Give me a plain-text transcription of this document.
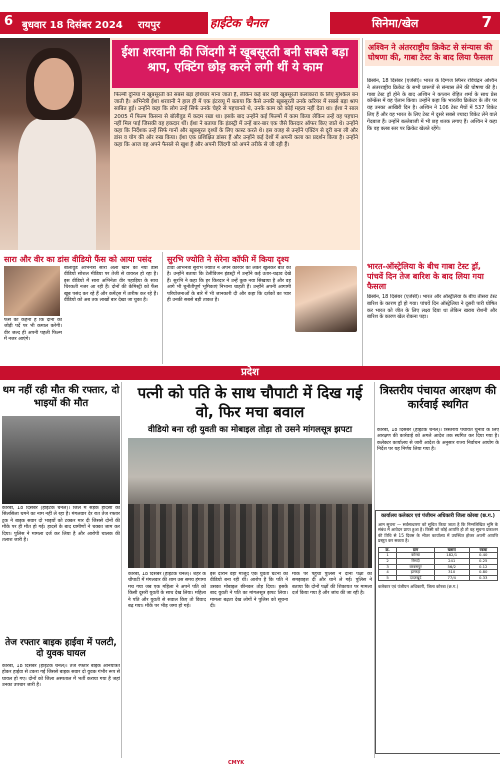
6 बुधवार 18 दिसंबर 2024 रायपुर	हाईटेक चैनल	सिनेमा/खेल	7
ईशा शरवानी की जिंदगी में खूबसूरती बनी सबसे बड़ा श्राप, एक्टिंग छोड़ करने लगी थीं ये काम
फिल्मी दुनिया में खूबसूरती को सबसे बड़ा हथियार माना जाता है, लेकिन कई बार यही खूबसूरती कलाकारों के लिए मुश्किल बन जाती है। अभिनेत्री ईशा शरवानी ने हाल ही में एक इंटरव्यू में बताया कि कैसे उनकी खूबसूरती उनके करियर में सबसे बड़ा श्राप साबित हुई। उन्होंने कहा कि लोग उन्हें सिर्फ उनके चेहरे से पहचानते थे, उनके काम को कोई महत्व नहीं देता था। ईशा ने साल 2005 में फिल्म किसना से बॉलीवुड में कदम रखा था। इसके बाद उन्होंने कई फिल्मों में काम किया लेकिन उन्हें वह पहचान नहीं मिल पाई जिसकी वह हकदार थीं। ईशा ने बताया कि इंडस्ट्री में उन्हें बार-बार एक जैसे किरदार ऑफर किए जाते थे। उन्होंने कहा कि निर्देशक उन्हें सिर्फ गानों और खूबसूरत दृश्यों के लिए कास्ट करते थे। इस वजह से उन्होंने एक्टिंग से दूरी बना ली और डांस व योग की ओर रुख किया। ईशा एक प्रशिक्षित डांसर हैं और उन्होंने कई देशों में अपनी कला का प्रदर्शन किया है। उन्होंने कहा कि आज वह अपने फैसले से खुश हैं और अपनी जिंदगी को अपने तरीके से जी रही हैं।
अश्विन ने अंतरराष्ट्रीय क्रिकेट से संन्यास की घोषणा की, गाबा टेस्ट के बाद लिया फैसला
ब्रिस्बेन, 18 दिसंबर (एजेंसी)। भारत के दिग्गज स्पिनर रविचंद्रन अश्विन ने अंतरराष्ट्रीय क्रिकेट के सभी प्रारूपों से संन्यास लेने की घोषणा की है। गाबा टेस्ट ड्रॉ होने के बाद अश्विन ने कप्तान रोहित शर्मा के साथ प्रेस कॉन्फ्रेंस में यह ऐलान किया। उन्होंने कहा कि भारतीय क्रिकेटर के तौर पर यह उनका आखिरी दिन है। अश्विन ने 106 टेस्ट मैचों में 537 विकेट लिए हैं और वह भारत के लिए टेस्ट में दूसरे सबसे ज्यादा विकेट लेने वाले गेंदबाज हैं। उन्होंने बल्लेबाजी में भी छह शतक लगाए हैं। अश्विन ने कहा कि वह क्लब स्तर पर क्रिकेट खेलते रहेंगे।
भारत-ऑस्ट्रेलिया के बीच गाबा टेस्ट ड्रॉ, पांचवें दिन तेज बारिश के बाद लिया गया फैसला
ब्रिस्बेन, 18 दिसंबर (एजेंसी)। भारत और ऑस्ट्रेलिया के बीच तीसरा टेस्ट बारिश के कारण ड्रॉ हो गया। पांचवें दिन ऑस्ट्रेलिया ने दूसरी पारी घोषित कर भारत को जीत के लिए लक्ष्य दिया था लेकिन खराब रोशनी और बारिश के कारण खेल रोकना पड़ा।
सारा और वीर का डांस वीडियो फैंस को आया पसंद
बॉलीवुड अभिनेत्री सारा अली खान का नया डांस वीडियो सोशल मीडिया पर तेजी से वायरल हो रहा है। इस वीडियो में सारा अभिनेता वीर पहाड़िया के साथ थिरकती नजर आ रही हैं। दोनों की केमिस्ट्री को फैंस खूब पसंद कर रहे हैं और कमेंट्स में तारीफ कर रहे हैं। वीडियो को अब तक लाखों बार देखा जा चुका है।
फैंस का कहना है कि दोनों की जोड़ी पर्दे पर भी कमाल करेगी। वीर जल्द ही अपनी पहली फिल्म में नजर आएंगे।
सुरभि ज्योति ने सेरेना कॉफी में किया दृश्य
टीवी अभिनेत्री सुरभि ज्योति ने अपने करियर को लेकर खुलकर बात की है। उन्होंने बताया कि टेलीविजन इंडस्ट्री में उन्होंने कई उतार-चढ़ाव देखे हैं। सुरभि ने कहा कि हर किरदार ने उन्हें कुछ नया सिखाया है और वह आगे भी चुनौतीपूर्ण भूमिकाएं निभाना चाहती हैं। उन्होंने अपनी आगामी परियोजनाओं के बारे में भी जानकारी दी और कहा कि दर्शकों का प्यार ही उनकी सबसे बड़ी ताकत है।
प्रदेश
थम नहीं रही मौत की रफ्तार, दो भाइयों की मौत
कोरबा, 18 दिसंबर (हाईटेक चैनल)। जिले में सड़क हादसों का सिलसिला थमने का नाम नहीं ले रहा है। मंगलवार देर रात तेज रफ्तार ट्रक ने बाइक सवार दो भाइयों को टक्कर मार दी जिससे दोनों की मौके पर ही मौत हो गई। हादसे के बाद ग्रामीणों ने चक्का जाम कर दिया। पुलिस ने मामला दर्ज कर लिया है और आरोपी चालक की तलाश जारी है।
तेज रफ्तार बाइक हाईवा में पलटी, दो युवक घायल
कोरबा, 18 दिसंबर (हाईटेक चैनल)। तेज रफ्तार बाइक अनियंत्रित होकर हाईवा से टकरा गई जिससे बाइक सवार दो युवक गंभीर रूप से घायल हो गए। दोनों को जिला अस्पताल में भर्ती कराया गया है जहां उनका उपचार जारी है।
पत्नी को पति के साथ चौपाटी में दिख गई वो, फिर मचा बवाल
वीडियो बना रही युवती का मोबाइल तोड़ा तो उसने मांगलसूत्र झपटा
कोरबा, 18 दिसंबर (हाईटेक चैनल)। शहर के चौपाटी में मंगलवार की शाम उस समय हंगामा मच गया जब एक महिला ने अपने पति को किसी दूसरी युवती के साथ देख लिया। महिला ने पति और युवती से सवाल किए तो विवाद बढ़ गया। मौके पर भीड़ जमा हो गई।
इस दौरान वहां मौजूद एक युवती घटना का वीडियो बना रही थी। आरोप है कि पति ने उसका मोबाइल छीनकर तोड़ दिया। इसके बाद युवती ने पति का मांगलसूत्र झपट लिया। मामला बढ़ता देख लोगों ने पुलिस को सूचना दी।
मौके पर पहुंची पुलिस ने दोनों पक्षों को समझाइश दी और थाने ले गई। पुलिस ने बताया कि दोनों पक्षों की शिकायत पर मामला दर्ज किया गया है और जांच की जा रही है।
त्रिस्तरीय पंचायत आरक्षण की कार्रवाई स्थगित
कोरबा, 18 दिसंबर (हाईटेक चैनल)। त्रिस्तरीय पंचायत चुनाव के लिए आरक्षण की कार्रवाई को अगले आदेश तक स्थगित कर दिया गया है। कलेक्टर कार्यालय से जारी आदेश के अनुसार राज्य निर्वाचन आयोग के निर्देश पर यह निर्णय लिया गया है।
कार्यालय कलेक्टर एवं पंजीयन अधिकारी जिला कोरबा (छ.ग.)
आम सूचना — सर्वसाधारण को सूचित किया जाता है कि निम्नलिखित भूमि के संबंध में आवेदन प्राप्त हुआ है। किसी को कोई आपत्ति हो तो वह सूचना प्रकाशन की तिथि से 15 दिवस के भीतर कार्यालय में उपस्थित होकर अपनी आपत्ति प्रस्तुत कर सकता है।
क्र.	ग्राम	खसरा	रकबा
1	कोरबा	182/1	0.40
2	रिसदी	241	0.25
3	बरबसपुर	56/2	0.12
4	झगरहा	310	0.80
5	दादरखुर्द	77/4	0.33
कलेक्टर एवं पंजीयन अधिकारी, जिला कोरबा (छ.ग.)
CMYK
